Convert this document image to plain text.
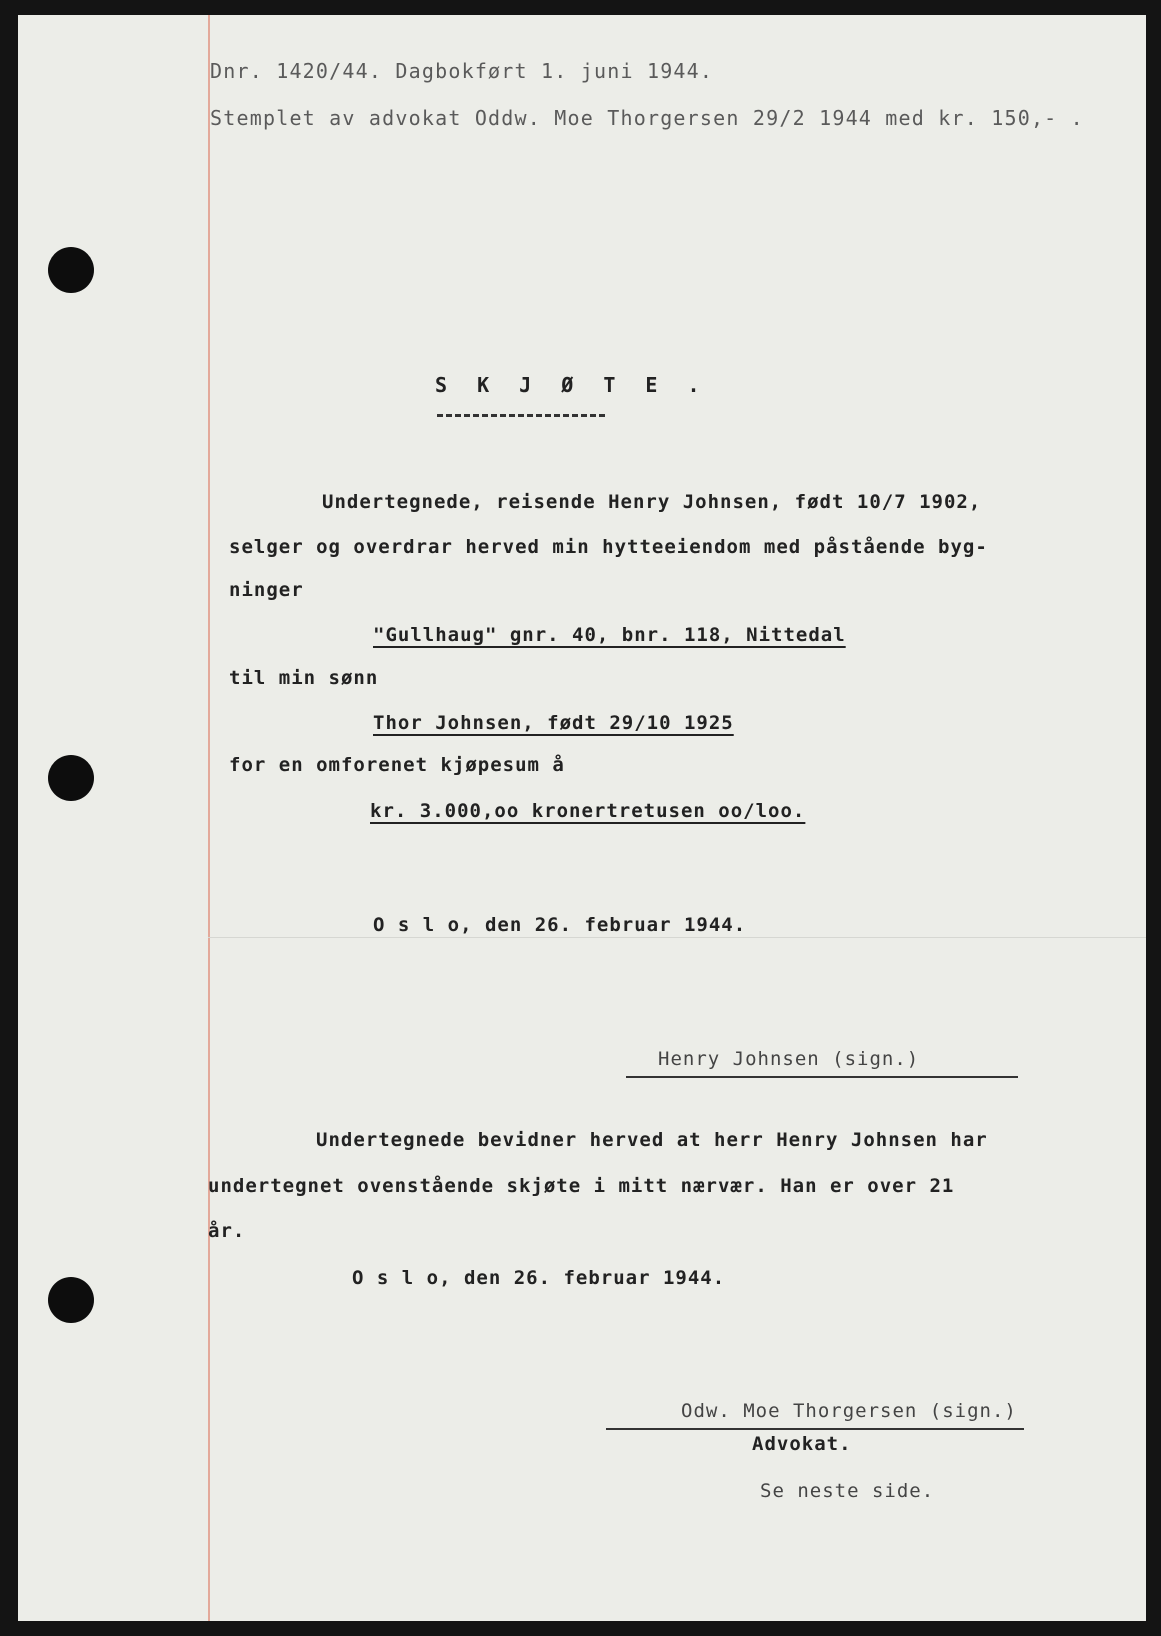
Dnr. 1420/44. Dagbokført 1. juni 1944.
Stemplet av advokat Oddw. Moe Thorgersen 29/2 1944 med kr. 150,- .
S K J Ø T E .
Undertegnede, reisende Henry Johnsen, født 10/7 1902,
selger og overdrar herved min hytteeiendom med påstående byg-
ninger
"Gullhaug" gnr. 40, bnr. 118, Nittedal
til min sønn
Thor Johnsen, født 29/10 1925
for en omforenet kjøpesum å
kr. 3.000,oo kronertretusen oo/loo.
O s l o, den 26. februar 1944.
Henry Johnsen (sign.)
Undertegnede bevidner herved at herr Henry Johnsen har
undertegnet ovenstående skjøte i mitt nærvær. Han er over 21
år.
O s l o, den 26. februar 1944.
Odw. Moe Thorgersen (sign.)
Advokat.
Se neste side.
